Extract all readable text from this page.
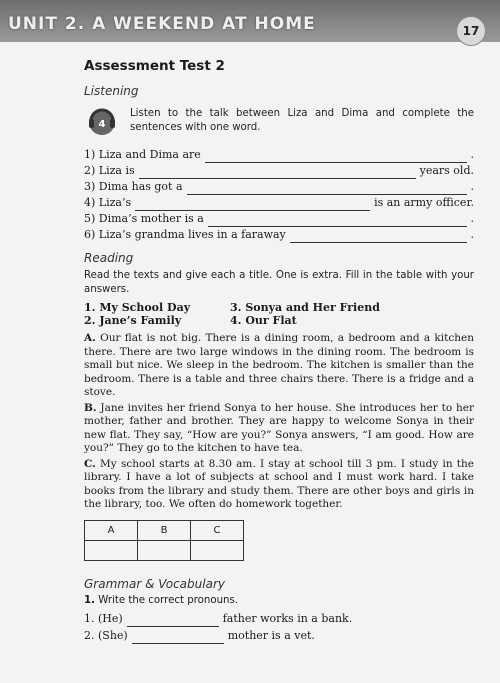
UNIT 2. A WEEKEND AT HOME	17
Assessment Test 2
Listening
4
Listen to the talk between Liza and Dima and complete the sentences with one word.
1) Liza and Dima are	.
2) Liza is	years old.
3) Dima has got a	.
4) Liza’s	is an army officer.
5) Dima’s mother is a	.
6) Liza’s grandma lives in a faraway	.
Reading
Read the texts and give each a title. One is extra. Fill in the table with your answers.
1. My School Day	3. Sonya and Her Friend
2. Jane’s Family	4. Our Flat

A. Our flat is not big. There is a dining room, a bedroom and a kitchen there. There are two large windows in the dining room. The bedroom is small but nice. We sleep in the bedroom. The kitchen is smaller than the bedroom. There is a table and three chairs there. There is a fridge and a stove.

B. Jane invites her friend Sonya to her house. She introduces her to her mother, father and brother. They are happy to welcome Sonya in their new flat. They say, “How are you?” Sonya answers, “I am good. How are you?” They go to the kitchen to have tea.

C. My school starts at 8.30 am. I stay at school till 3 pm. I study in the library. I have a lot of subjects at school and I must work hard. I take books from the library and study them. There are other boys and girls in the library, too. We often do homework together.

A	B	C

Grammar & Vocabulary
1. Write the correct pronouns.
1. (He)	father works in a bank.
2. (She)	mother is a vet.
